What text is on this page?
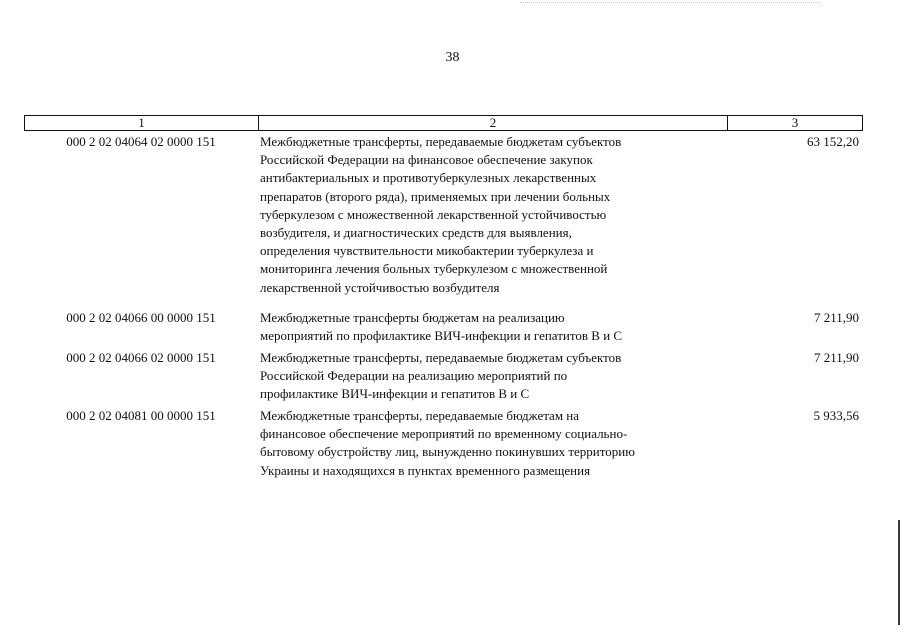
38
1	2	3
000 2 02 04064 02 0000 151	Межбюджетные трансферты, передаваемые бюджетам субъектов
Российской Федерации на финансовое обеспечение закупок
антибактериальных и противотуберкулезных лекарственных
препаратов (второго ряда), применяемых при лечении больных
туберкулезом с множественной лекарственной устойчивостью
возбудителя, и диагностических средств для выявления,
определения чувствительности микобактерии туберкулеза и
мониторинга лечения больных туберкулезом с множественной
лекарственной устойчивостью возбудителя
63 152,20
000 2 02 04066 00 0000 151	Межбюджетные трансферты бюджетам на реализацию
мероприятий по профилактике ВИЧ-инфекции и гепатитов В и С
7 211,90
000 2 02 04066 02 0000 151	Межбюджетные трансферты, передаваемые бюджетам субъектов
Российской Федерации на реализацию мероприятий по
профилактике ВИЧ-инфекции и гепатитов В и С
7 211,90
000 2 02 04081 00 0000 151	Межбюджетные трансферты, передаваемые бюджетам на
финансовое обеспечение мероприятий по временному социально-
бытовому обустройству лиц, вынужденно покинувших территорию
Украины и находящихся в пунктах временного размещения
5 933,56
